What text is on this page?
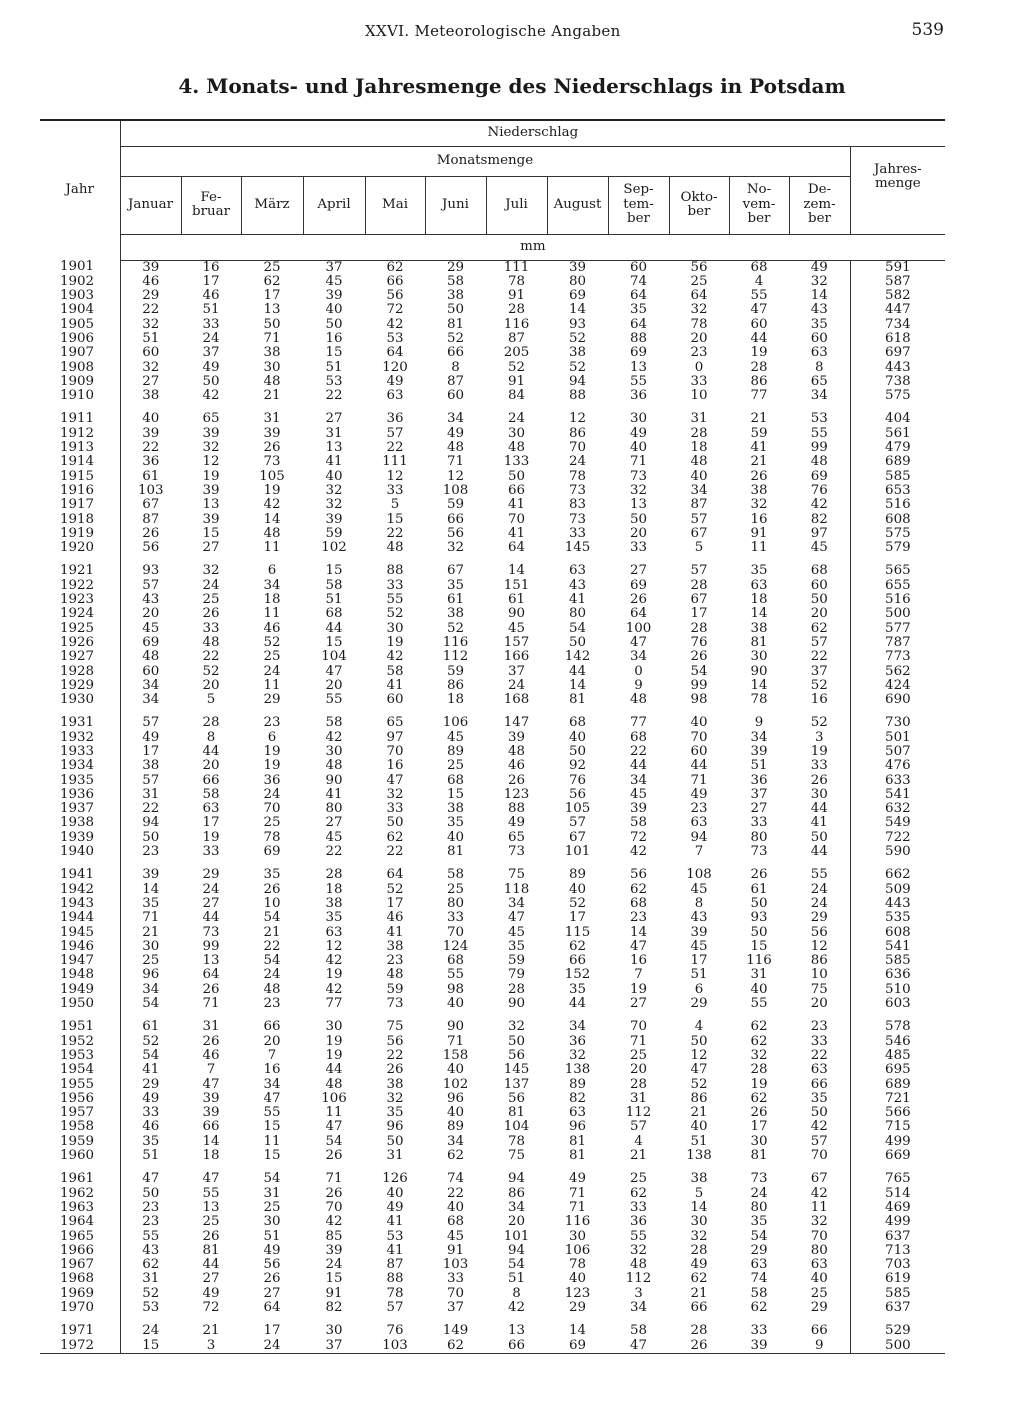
XXVI. Meteorologische Angaben	539
4. Monats- und Jahresmenge des Niederschlags in Potsdam
Jahr	Niederschlag												
	Monatsmenge												Jahres-
menge
	Januar	Fe-
bruar	März	April	Mai	Juni	Juli	August	Sep-
tem-
ber	Okto-
ber	No-
vem-
ber	De-
zem-
ber	
	mm												
1901	39	16	25	37	62	29	111	39	60	56	68	49	591
1902	46	17	62	45	66	58	78	80	74	25	4	32	587
1903	29	46	17	39	56	38	91	69	64	64	55	14	582
1904	22	51	13	40	72	50	28	14	35	32	47	43	447
1905	32	33	50	50	42	81	116	93	64	78	60	35	734
1906	51	24	71	16	53	52	87	52	88	20	44	60	618
1907	60	37	38	15	64	66	205	38	69	23	19	63	697
1908	32	49	30	51	120	8	52	52	13	0	28	8	443
1909	27	50	48	53	49	87	91	94	55	33	86	65	738
1910	38	42	21	22	63	60	84	88	36	10	77	34	575

1911	40	65	31	27	36	34	24	12	30	31	21	53	404
1912	39	39	39	31	57	49	30	86	49	28	59	55	561
1913	22	32	26	13	22	48	48	70	40	18	41	99	479
1914	36	12	73	41	111	71	133	24	71	48	21	48	689
1915	61	19	105	40	12	12	50	78	73	40	26	69	585
1916	103	39	19	32	33	108	66	73	32	34	38	76	653
1917	67	13	42	32	5	59	41	83	13	87	32	42	516
1918	87	39	14	39	15	66	70	73	50	57	16	82	608
1919	26	15	48	59	22	56	41	33	20	67	91	97	575
1920	56	27	11	102	48	32	64	145	33	5	11	45	579

1921	93	32	6	15	88	67	14	63	27	57	35	68	565
1922	57	24	34	58	33	35	151	43	69	28	63	60	655
1923	43	25	18	51	55	61	61	41	26	67	18	50	516
1924	20	26	11	68	52	38	90	80	64	17	14	20	500
1925	45	33	46	44	30	52	45	54	100	28	38	62	577
1926	69	48	52	15	19	116	157	50	47	76	81	57	787
1927	48	22	25	104	42	112	166	142	34	26	30	22	773
1928	60	52	24	47	58	59	37	44	0	54	90	37	562
1929	34	20	11	20	41	86	24	14	9	99	14	52	424
1930	34	5	29	55	60	18	168	81	48	98	78	16	690

1931	57	28	23	58	65	106	147	68	77	40	9	52	730
1932	49	8	6	42	97	45	39	40	68	70	34	3	501
1933	17	44	19	30	70	89	48	50	22	60	39	19	507
1934	38	20	19	48	16	25	46	92	44	44	51	33	476
1935	57	66	36	90	47	68	26	76	34	71	36	26	633
1936	31	58	24	41	32	15	123	56	45	49	37	30	541
1937	22	63	70	80	33	38	88	105	39	23	27	44	632
1938	94	17	25	27	50	35	49	57	58	63	33	41	549
1939	50	19	78	45	62	40	65	67	72	94	80	50	722
1940	23	33	69	22	22	81	73	101	42	7	73	44	590

1941	39	29	35	28	64	58	75	89	56	108	26	55	662
1942	14	24	26	18	52	25	118	40	62	45	61	24	509
1943	35	27	10	38	17	80	34	52	68	8	50	24	443
1944	71	44	54	35	46	33	47	17	23	43	93	29	535
1945	21	73	21	63	41	70	45	115	14	39	50	56	608
1946	30	99	22	12	38	124	35	62	47	45	15	12	541
1947	25	13	54	42	23	68	59	66	16	17	116	86	585
1948	96	64	24	19	48	55	79	152	7	51	31	10	636
1949	34	26	48	42	59	98	28	35	19	6	40	75	510
1950	54	71	23	77	73	40	90	44	27	29	55	20	603

1951	61	31	66	30	75	90	32	34	70	4	62	23	578
1952	52	26	20	19	56	71	50	36	71	50	62	33	546
1953	54	46	7	19	22	158	56	32	25	12	32	22	485
1954	41	7	16	44	26	40	145	138	20	47	28	63	695
1955	29	47	34	48	38	102	137	89	28	52	19	66	689
1956	49	39	47	106	32	96	56	82	31	86	62	35	721
1957	33	39	55	11	35	40	81	63	112	21	26	50	566
1958	46	66	15	47	96	89	104	96	57	40	17	42	715
1959	35	14	11	54	50	34	78	81	4	51	30	57	499
1960	51	18	15	26	31	62	75	81	21	138	81	70	669

1961	47	47	54	71	126	74	94	49	25	38	73	67	765
1962	50	55	31	26	40	22	86	71	62	5	24	42	514
1963	23	13	25	70	49	40	34	71	33	14	80	11	469
1964	23	25	30	42	41	68	20	116	36	30	35	32	499
1965	55	26	51	85	53	45	101	30	55	32	54	70	637
1966	43	81	49	39	41	91	94	106	32	28	29	80	713
1967	62	44	56	24	87	103	54	78	48	49	63	63	703
1968	31	27	26	15	88	33	51	40	112	62	74	40	619
1969	52	49	27	91	78	70	8	123	3	21	58	25	585
1970	53	72	64	82	57	37	42	29	34	66	62	29	637

1971	24	21	17	30	76	149	13	14	58	28	33	66	529
1972	15	3	24	37	103	62	66	69	47	26	39	9	500
